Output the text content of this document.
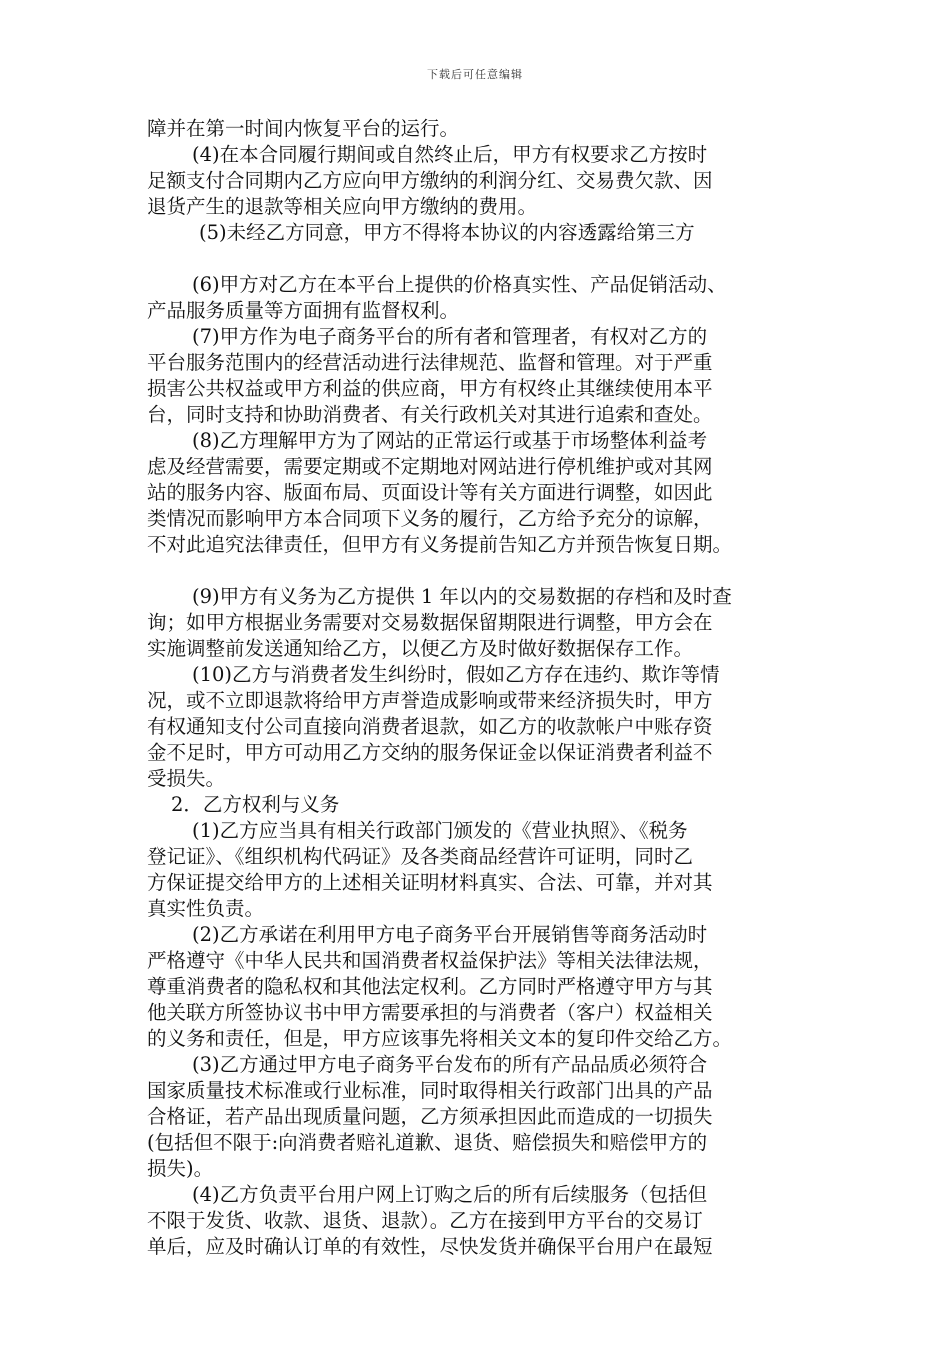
下载后可任意编辑
障并在第一时间内恢复平台的运行。
(4)在本合同履行期间或自然终止后，甲方有权要求乙方按时
足额支付合同期内乙方应向甲方缴纳的利润分红、交易费欠款、因
退货产生的退款等相关应向甲方缴纳的费用。
(5)未经乙方同意，甲方不得将本协议的内容透露给第三方
(6)甲方对乙方在本平台上提供的价格真实性、产品促销活动、
产品服务质量等方面拥有监督权利。
(7)甲方作为电子商务平台的所有者和管理者，有权对乙方的
平台服务范围内的经营活动进行法律规范、监督和管理。对于严重
损害公共权益或甲方利益的供应商，甲方有权终止其继续使用本平
台，同时支持和协助消费者、有关行政机关对其进行追索和查处。
(8)乙方理解甲方为了网站的正常运行或基于市场整体利益考
虑及经营需要，需要定期或不定期地对网站进行停机维护或对其网
站的服务内容、版面布局、页面设计等有关方面进行调整，如因此
类情况而影响甲方本合同项下义务的履行，乙方给予充分的谅解，
不对此追究法律责任，但甲方有义务提前告知乙方并预告恢复日期。
(9)甲方有义务为乙方提供 1 年以内的交易数据的存档和及时查
询；如甲方根据业务需要对交易数据保留期限进行调整，甲方会在
实施调整前发送通知给乙方，以便乙方及时做好数据保存工作。
(10)乙方与消费者发生纠纷时，假如乙方存在违约、欺诈等情
况，或不立即退款将给甲方声誉造成影响或带来经济损失时，甲方
有权通知支付公司直接向消费者退款，如乙方的收款帐户中账存资
金不足时，甲方可动用乙方交纳的服务保证金以保证消费者利益不
受损失。
2．乙方权利与义务
(1)乙方应当具有相关行政部门颁发的《营业执照》、《税务
登记证》、《组织机构代码证》及各类商品经营许可证明，同时乙
方保证提交给甲方的上述相关证明材料真实、合法、可靠，并对其
真实性负责。
(2)乙方承诺在利用甲方电子商务平台开展销售等商务活动时
严格遵守《中华人民共和国消费者权益保护法》等相关法律法规，
尊重消费者的隐私权和其他法定权利。乙方同时严格遵守甲方与其
他关联方所签协议书中甲方需要承担的与消费者（客户）权益相关
的义务和责任，但是，甲方应该事先将相关文本的复印件交给乙方。
(3)乙方通过甲方电子商务平台发布的所有产品品质必须符合
国家质量技术标准或行业标准，同时取得相关行政部门出具的产品
合格证，若产品出现质量问题，乙方须承担因此而造成的一切损失
(包括但不限于:向消费者赔礼道歉、退货、赔偿损失和赔偿甲方的
损失)。
(4)乙方负责平台用户网上订购之后的所有后续服务（包括但
不限于发货、收款、退货、退款）。乙方在接到甲方平台的交易订
单后，应及时确认订单的有效性，尽快发货并确保平台用户在最短
